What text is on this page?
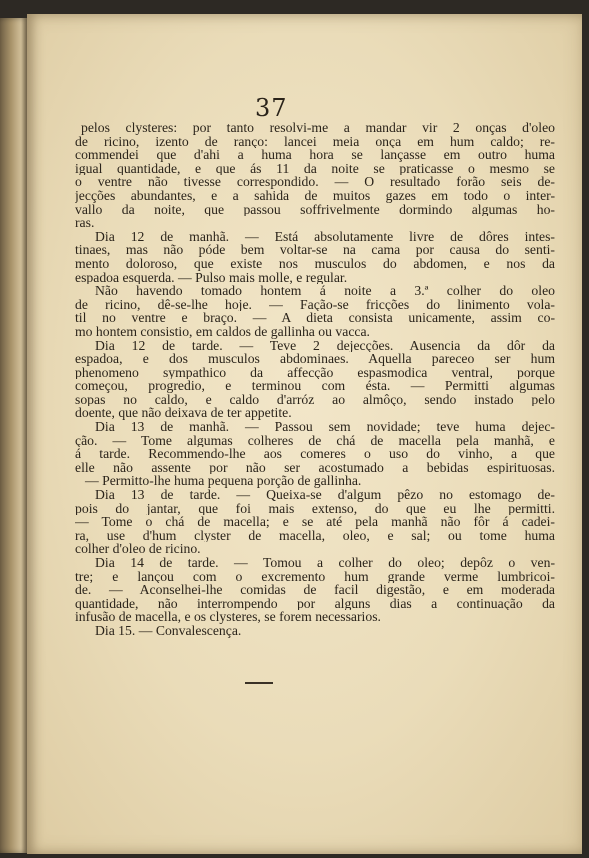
37
pelos clysteres: por tanto resolvi-me a mandar vir 2 onças d'oleo
de ricino, izento de ranço: lancei meia onça em hum caldo; re-
commendei que d'ahi a huma hora se lançasse em outro huma
igual quantidade, e que ás 11 da noite se praticasse o mesmo se
o ventre não tivesse correspondido. — O resultado forão seis de-
jecções abundantes, e a sahida de muitos gazes em todo o inter-
vallo da noite, que passou soffrivelmente dormindo algumas ho-
ras.
Dia 12 de manhã. — Está absolutamente livre de dôres intes-
tinaes, mas não póde bem voltar-se na cama por causa do senti-
mento doloroso, que existe nos musculos do abdomen, e nos da
espadoa esquerda. — Pulso mais molle, e regular.
Não havendo tomado hontem á noite a 3.ª colher do oleo
de ricino, dê-se-lhe hoje. — Fação-se fricções do linimento vola-
til no ventre e braço. — A dieta consista unicamente, assim co-
mo hontem consistio, em caldos de gallinha ou vacca.
Dia 12 de tarde. — Teve 2 dejecções. Ausencia da dôr da
espadoa, e dos musculos abdominaes. Aquella pareceo ser hum
phenomeno sympathico da affecção espasmodica ventral, porque
começou, progredio, e terminou com ésta. — Permitti algumas
sopas no caldo, e caldo d'arróz ao almôço, sendo instado pelo
doente, que não deixava de ter appetite.
Dia 13 de manhã. — Passou sem novidade; teve huma dejec-
ção. — Tome algumas colheres de chá de macella pela manhã, e
á tarde. Recommendo-lhe aos comeres o uso do vinho, a que
elle não assente por não ser acostumado a bebidas espirituosas.
— Permitto-lhe huma pequena porção de gallinha.
Dia 13 de tarde. — Queixa-se d'algum pêzo no estomago de-
pois do jantar, que foi mais extenso, do que eu lhe permitti.
— Tome o chá de macella; e se até pela manhã não fôr á cadei-
ra, use d'hum clyster de macella, oleo, e sal; ou tome huma
colher d'oleo de ricino.
Dia 14 de tarde. — Tomou a colher do oleo; depôz o ven-
tre; e lançou com o excremento hum grande verme lumbricoi-
de. — Aconselhei-lhe comidas de facil digestão, e em moderada
quantidade, não interrompendo por alguns dias a continuação da
infusão de macella, e os clysteres, se forem necessarios.
Dia 15. — Convalescença.
